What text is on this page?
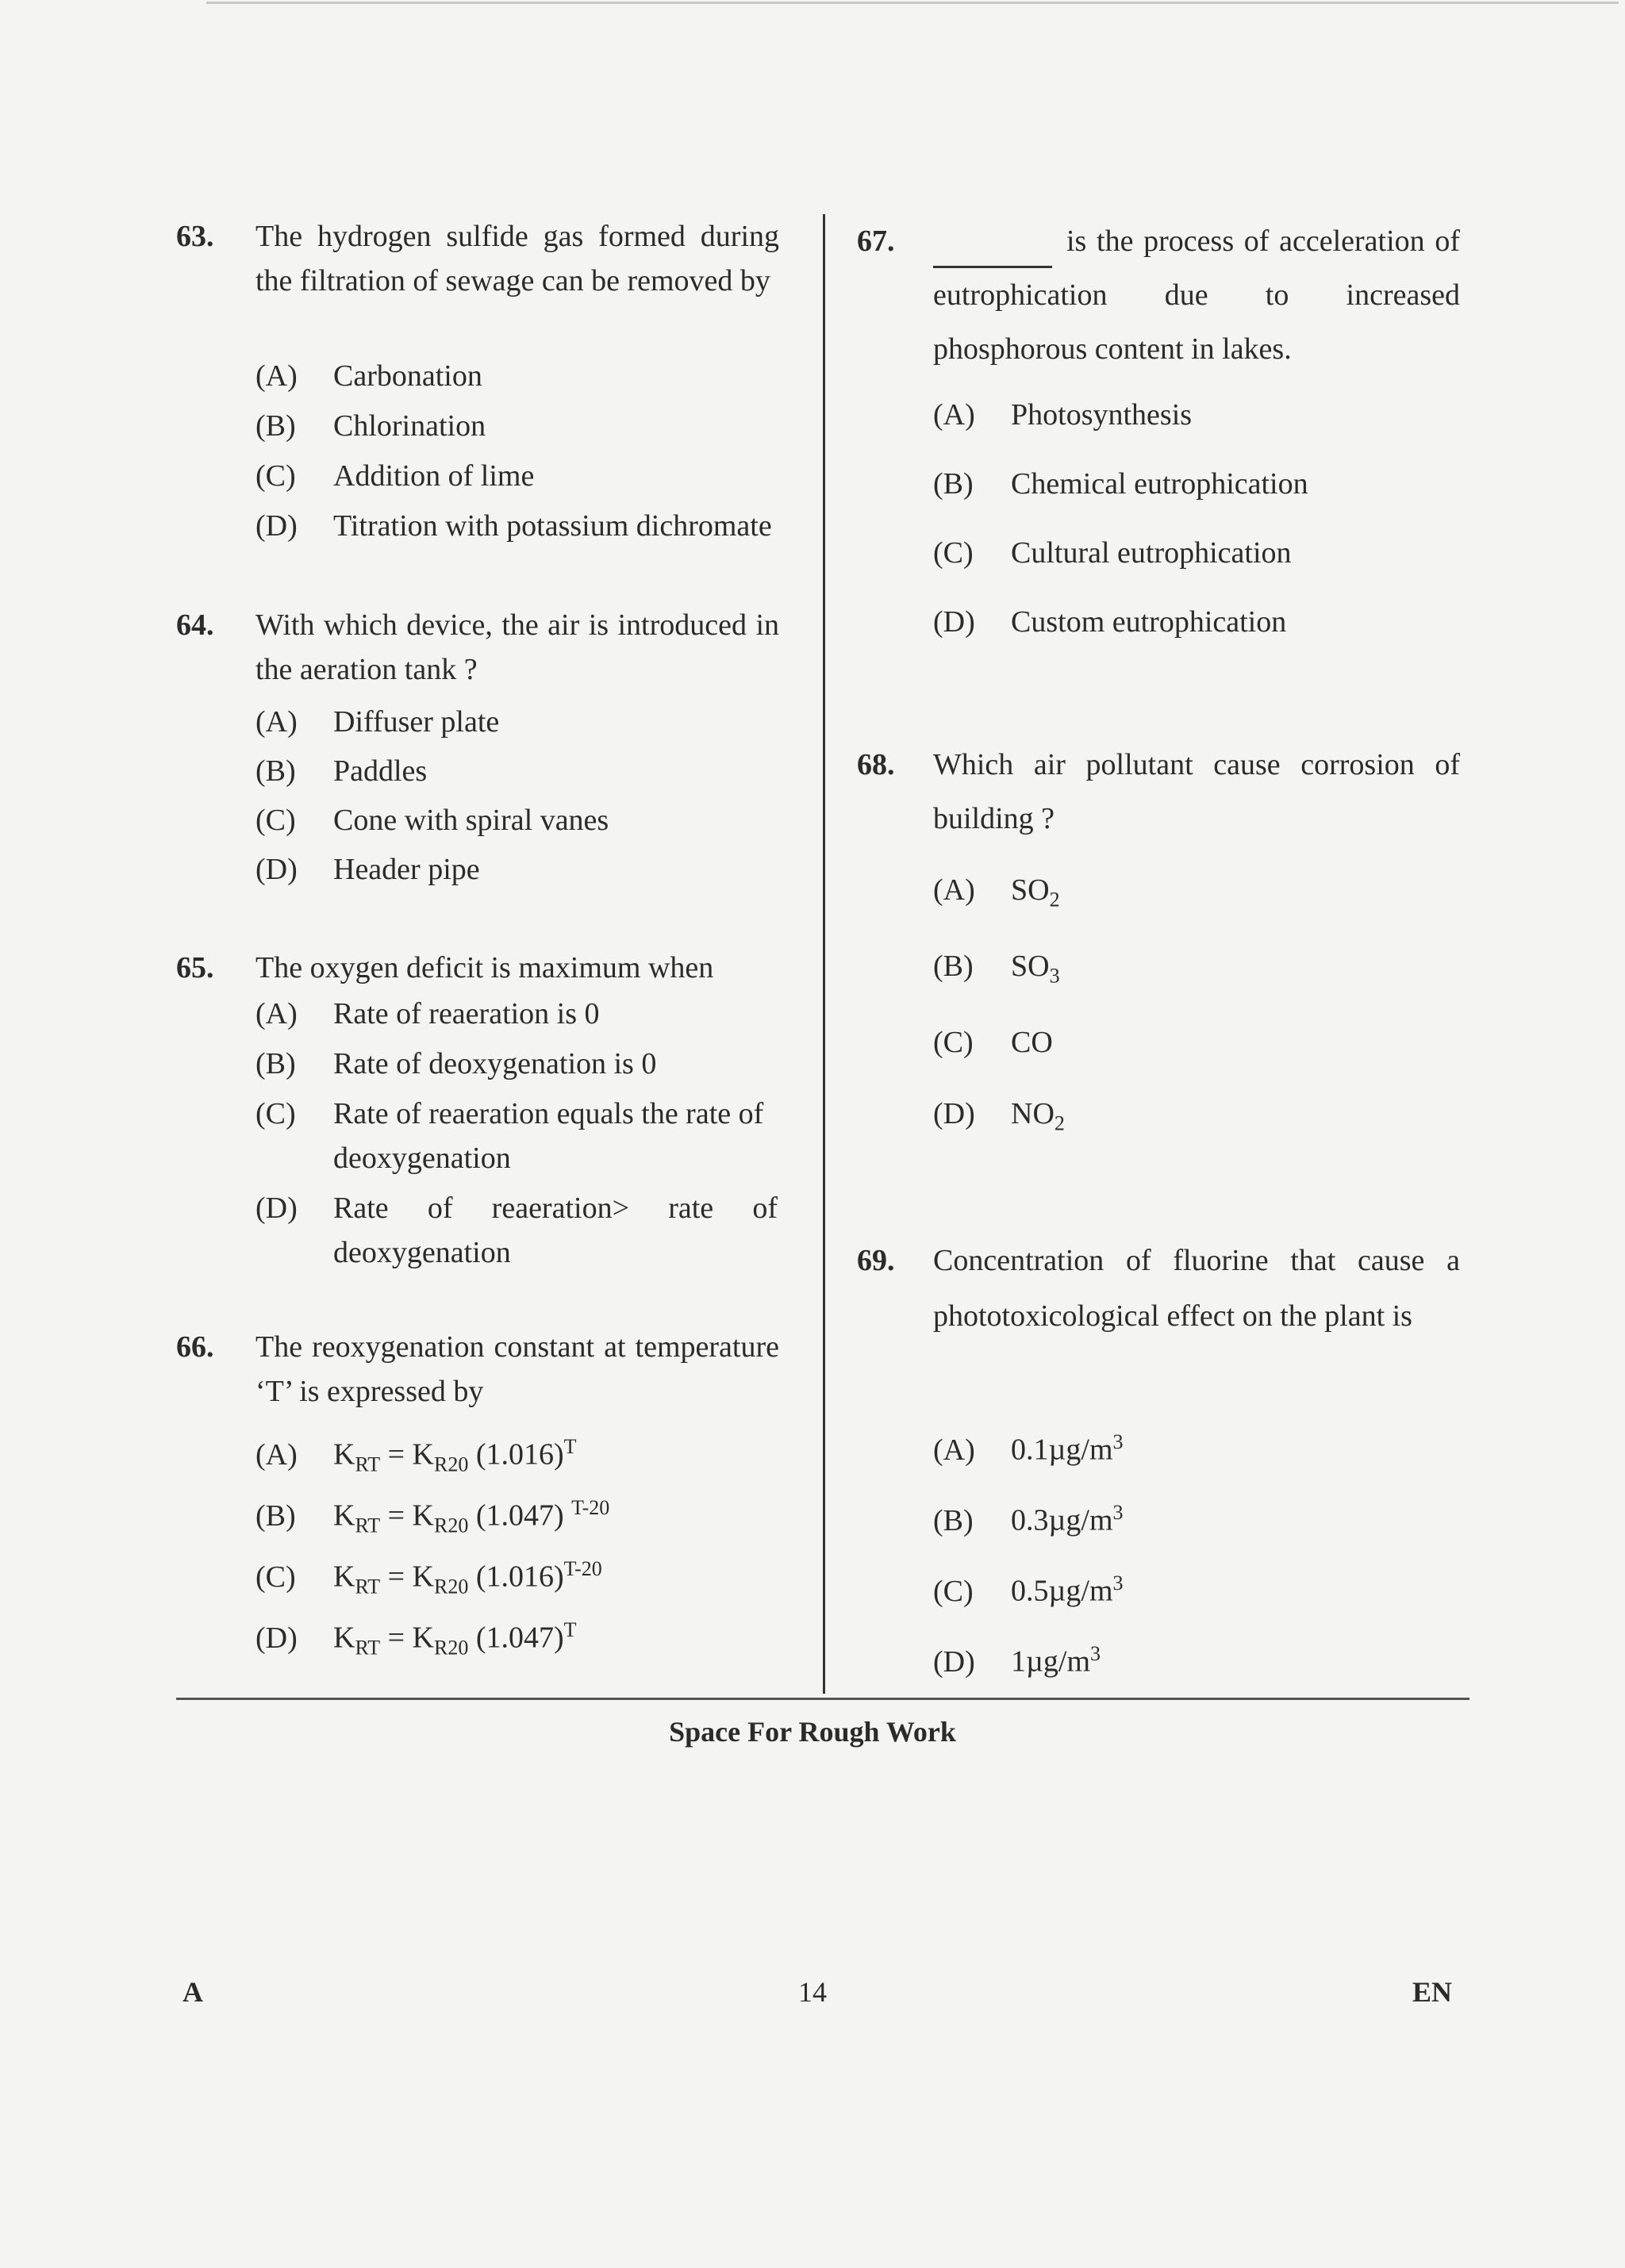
63. The hydrogen sulfide gas formed during the filtration of sewage can be removed by
(A) Carbonation
(B) Chlorination
(C) Addition of lime
(D) Titration with potassium dichromate
64. With which device, the air is introduced in the aeration tank ?
(A) Diffuser plate
(B) Paddles
(C) Cone with spiral vanes
(D) Header pipe
65. The oxygen deficit is maximum when
(A) Rate of reaeration is 0
(B) Rate of deoxygenation is 0
(C) Rate of reaeration equals the rate of deoxygenation
(D) Rate of reaeration> rate of deoxygenation
66. The reoxygenation constant at temperature ‘T’ is expressed by
(A) $K_{RT} = K_{R20}$ $(1.016)^T$
(B) $K_{RT} = K_{R20}$ (1.047) $^{T-20}$
(C) $K_{RT} = K_{R20}$ $(1.016)^{T-20}$
(D) $K_{RT} = K_{R20}$ $(1.047)^T$
67.	is the process of acceleration of eutrophication due to increased phosphorous content in lakes.
(A) Photosynthesis
(B) Chemical eutrophication
(C) Cultural eutrophication
(D) Custom eutrophication
68. Which air pollutant cause corrosion of building ?
(A) $SO_2$
(B) $SO_3$
(C) CO
(D) $NO_2$
69. Concentration of fluorine that cause a phototoxicological effect on the plant is
(A) $0.1\mu g/m^3$
(B) $0.3\mu g/m^3$
(C) $0.5\mu g/m^3$
(D) $1\mu g/m^3$
Space For Rough Work
A	14	EN
